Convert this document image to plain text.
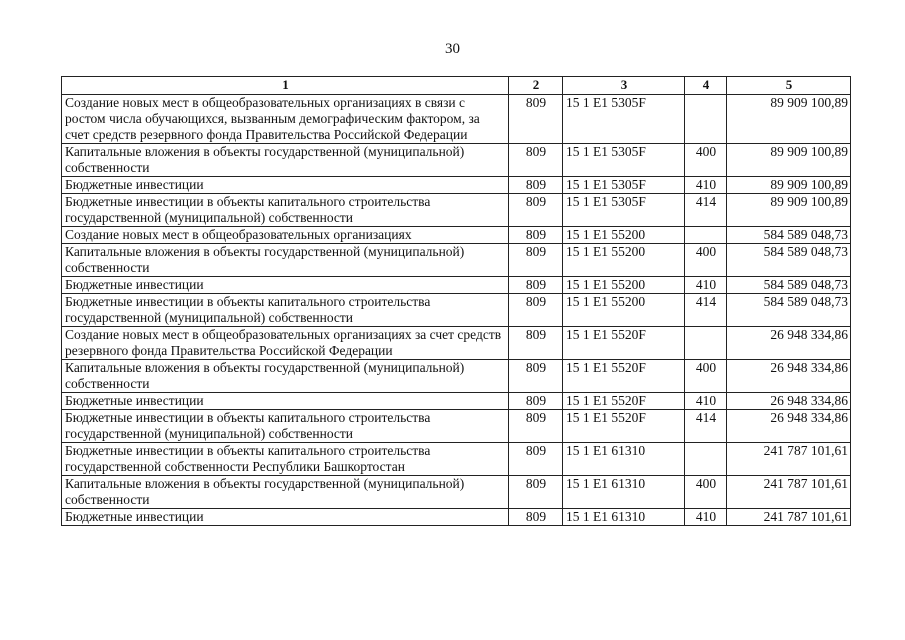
30
1	2	3	4	5
Создание новых мест в общеобразовательных организациях в связи с ростом числа обучающихся, вызванным демографическим фактором, за счет средств резервного фонда Правительства Российской Федерации	809	15 1 E1 5305F		89 909 100,89
Капитальные вложения в объекты государственной (муниципальной) собственности	809	15 1 E1 5305F	400	89 909 100,89
Бюджетные инвестиции	809	15 1 E1 5305F	410	89 909 100,89
Бюджетные инвестиции в объекты капитального строительства государственной (муниципальной) собственности	809	15 1 E1 5305F	414	89 909 100,89
Создание новых мест в общеобразовательных организациях	809	15 1 E1 55200		584 589 048,73
Капитальные вложения в объекты государственной (муниципальной) собственности	809	15 1 E1 55200	400	584 589 048,73
Бюджетные инвестиции	809	15 1 E1 55200	410	584 589 048,73
Бюджетные инвестиции в объекты капитального строительства государственной (муниципальной) собственности	809	15 1 E1 55200	414	584 589 048,73
Создание новых мест в общеобразовательных организациях за счет средств резервного фонда Правительства Российской Федерации	809	15 1 E1 5520F		26 948 334,86
Капитальные вложения в объекты государственной (муниципальной) собственности	809	15 1 E1 5520F	400	26 948 334,86
Бюджетные инвестиции	809	15 1 E1 5520F	410	26 948 334,86
Бюджетные инвестиции в объекты капитального строительства государственной (муниципальной) собственности	809	15 1 E1 5520F	414	26 948 334,86
Бюджетные инвестиции в объекты капитального строительства государственной собственности Республики Башкортостан	809	15 1 E1 61310		241 787 101,61
Капитальные вложения в объекты государственной (муниципальной) собственности	809	15 1 E1 61310	400	241 787 101,61
Бюджетные инвестиции	809	15 1 E1 61310	410	241 787 101,61
